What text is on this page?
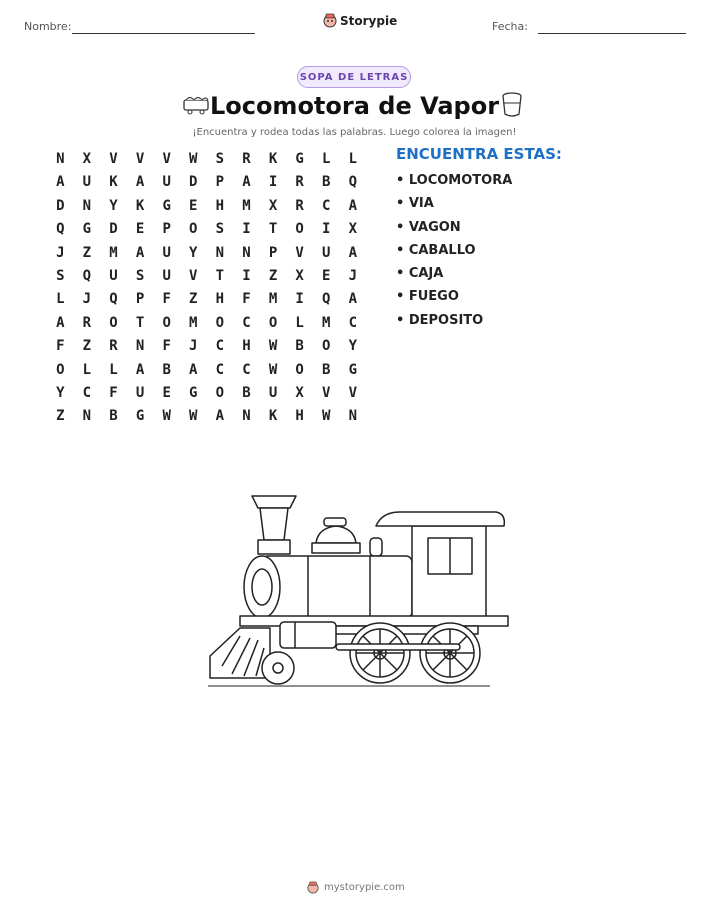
Nombre:	Storypie	Fecha:
SOPA DE LETRAS
Locomotora de Vapor
¡Encuentra y rodea todas las palabras. Luego colorea la imagen!
N	X	V	V	V	W	S	R	K	G	L	L
A	U	K	A	U	D	P	A	I	R	B	Q
D	N	Y	K	G	E	H	M	X	R	C	A
Q	G	D	E	P	O	S	I	T	O	I	X
J	Z	M	A	U	Y	N	N	P	V	U	A
S	Q	U	S	U	V	T	I	Z	X	E	J
L	J	Q	P	F	Z	H	F	M	I	Q	A
A	R	O	T	O	M	O	C	O	L	M	C
F	Z	R	N	F	J	C	H	W	B	O	Y
O	L	L	A	B	A	C	C	W	O	B	G
Y	C	F	U	E	G	O	B	U	X	V	V
Z	N	B	G	W	W	A	N	K	H	W	N
ENCUENTRA ESTAS:
• LOCOMOTORA
• VIA
• VAGON
• CABALLO
• CAJA
• FUEGO
• DEPOSITO
mystorypie.com
